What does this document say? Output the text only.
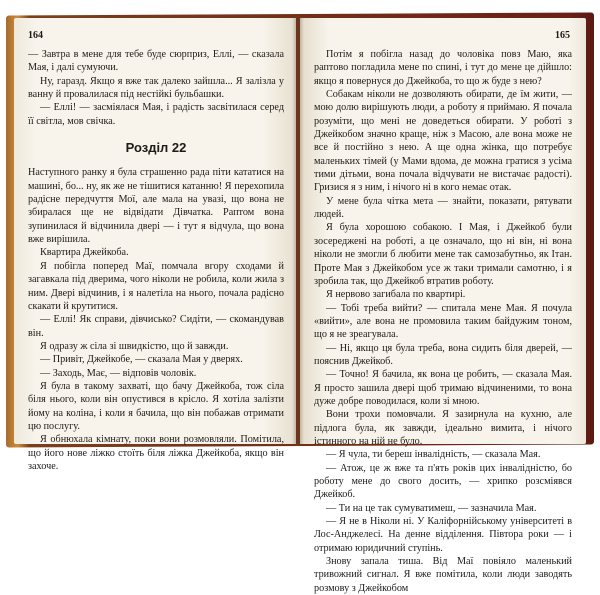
164

— Завтра в мене для тебе буде сюрприз, Еллі, — сказала Мая, і далі сумуючи.

Ну, гаразд. Якщо я вже так далеко зайшла... Я залізла у ванну й провалилася під нестійкі бульбашки.

— Еллі! — засміялася Мая, і радість засвітилася серед її світла, мов свічка.

Розділ 22

Наступного ранку я була страшенно рада піти кататися на машині, бо... ну, як же не тішитися катанню! Я перехопила радісне передчуття Мої, але мала на увазі, що вона не збиралася ще не відвідати Дівчатка. Раптом вона зупинилася й відчинила двері — і тут я відчула, що вона вже вирішила.

Квартира Джейкоба.

Я побігла поперед Маї, помчала вгору сходами й загавкала під дверима, чого ніколи не робила, коли жила з ним. Двері відчинив, і я налетіла на нього, почала радісно скакати й крутитися.

— Еллі! Як справи, дівчисько? Сидіти, — скомандував він.

Я одразу ж сіла зі швидкістю, що й завжди.

— Привіт, Джейкобе, — сказала Мая у дверях.

— Заходь, Має, — відповів чоловік.

Я була в такому захваті, що бачу Джейкоба, тож сіла біля нього, коли він опустився в крісло. Я хотіла залізти йому на коліна, і коли я бачила, що він побажав отримати цю послугу.

Я обнюхала кімнату, поки вони розмовляли. Помітила, що його нове ліжко стоїть біля ліжка Джейкоба, якщо він захоче.

165

Потім я побігла назад до чоловіка повз Маю, яка раптово погладила мене по спині, і тут до мене це дійшло: якщо я повернуся до Джейкоба, то що ж буде з нею?

Собакам ніколи не дозволяють обирати, де їм жити, — мою долю вирішують люди, а роботу я приймаю. Я почала розуміти, що мені не доведеться обирати. У роботі з Джейкобом значно краще, ніж з Масою, але вона може не все й постійно з нею. А ще одна жінка, що потребує маленьких тімей (у Мами вдома, де можна гратися з усіма тими дітьми, вона почала відчувати не вистачає радості). Гризися я з ним, і нічого ні в кого немає отак.

У мене була чітка мета — знайти, показати, рятувати людей.

Я була хорошою собакою. І Мая, і Джейкоб були зосереджені на роботі, а це означало, що ні він, ні вона ніколи не змогли б любити мене так самозабутньо, як Ітан. Проте Мая з Джейкобом усе ж таки тримали самотню, і я зробила так, що Джейкоб втратив роботу.

Я нервово загибала по квартирі.

— Тобі треба вийти? — спитала мене Мая. Я почула «вийти», але вона не промовила таким байдужим тоном, що я не зреагувала.

— Ні, якщо ця була треба, вона сидить біля дверей, — пояснив Джейкоб.

— Точно! Я бачила, як вона це робить, — сказала Мая. Я просто зашила двері щоб тримаю відчиненими, то вона дуже добре поводилася, коли зі мною.

Вони трохи помовчали. Я зазирнула на кухню, але підлога була, як завжди, ідеально вимита, і нічого істинного на ній не було.

— Я чула, ти береш інвалідність, — сказала Мая.

— Атож, це ж вже та п'ять років цих інвалідністю, бо роботу мене до свого досить, — хрипко розсміявся Джейкоб.

— Ти на це так сумуватимеш, — зазначила Мая.

— Я не в Ніколи ні. У Каліфорнійському університеті в Лос-Анджелесі. На денне відділення. Півтора роки — і отримаю юридичний ступінь.

Знову запала тиша. Від Маї повіяло маленький тривожний сигнал. Я вже помітила, коли люди заводять розмову з Джейкобом
